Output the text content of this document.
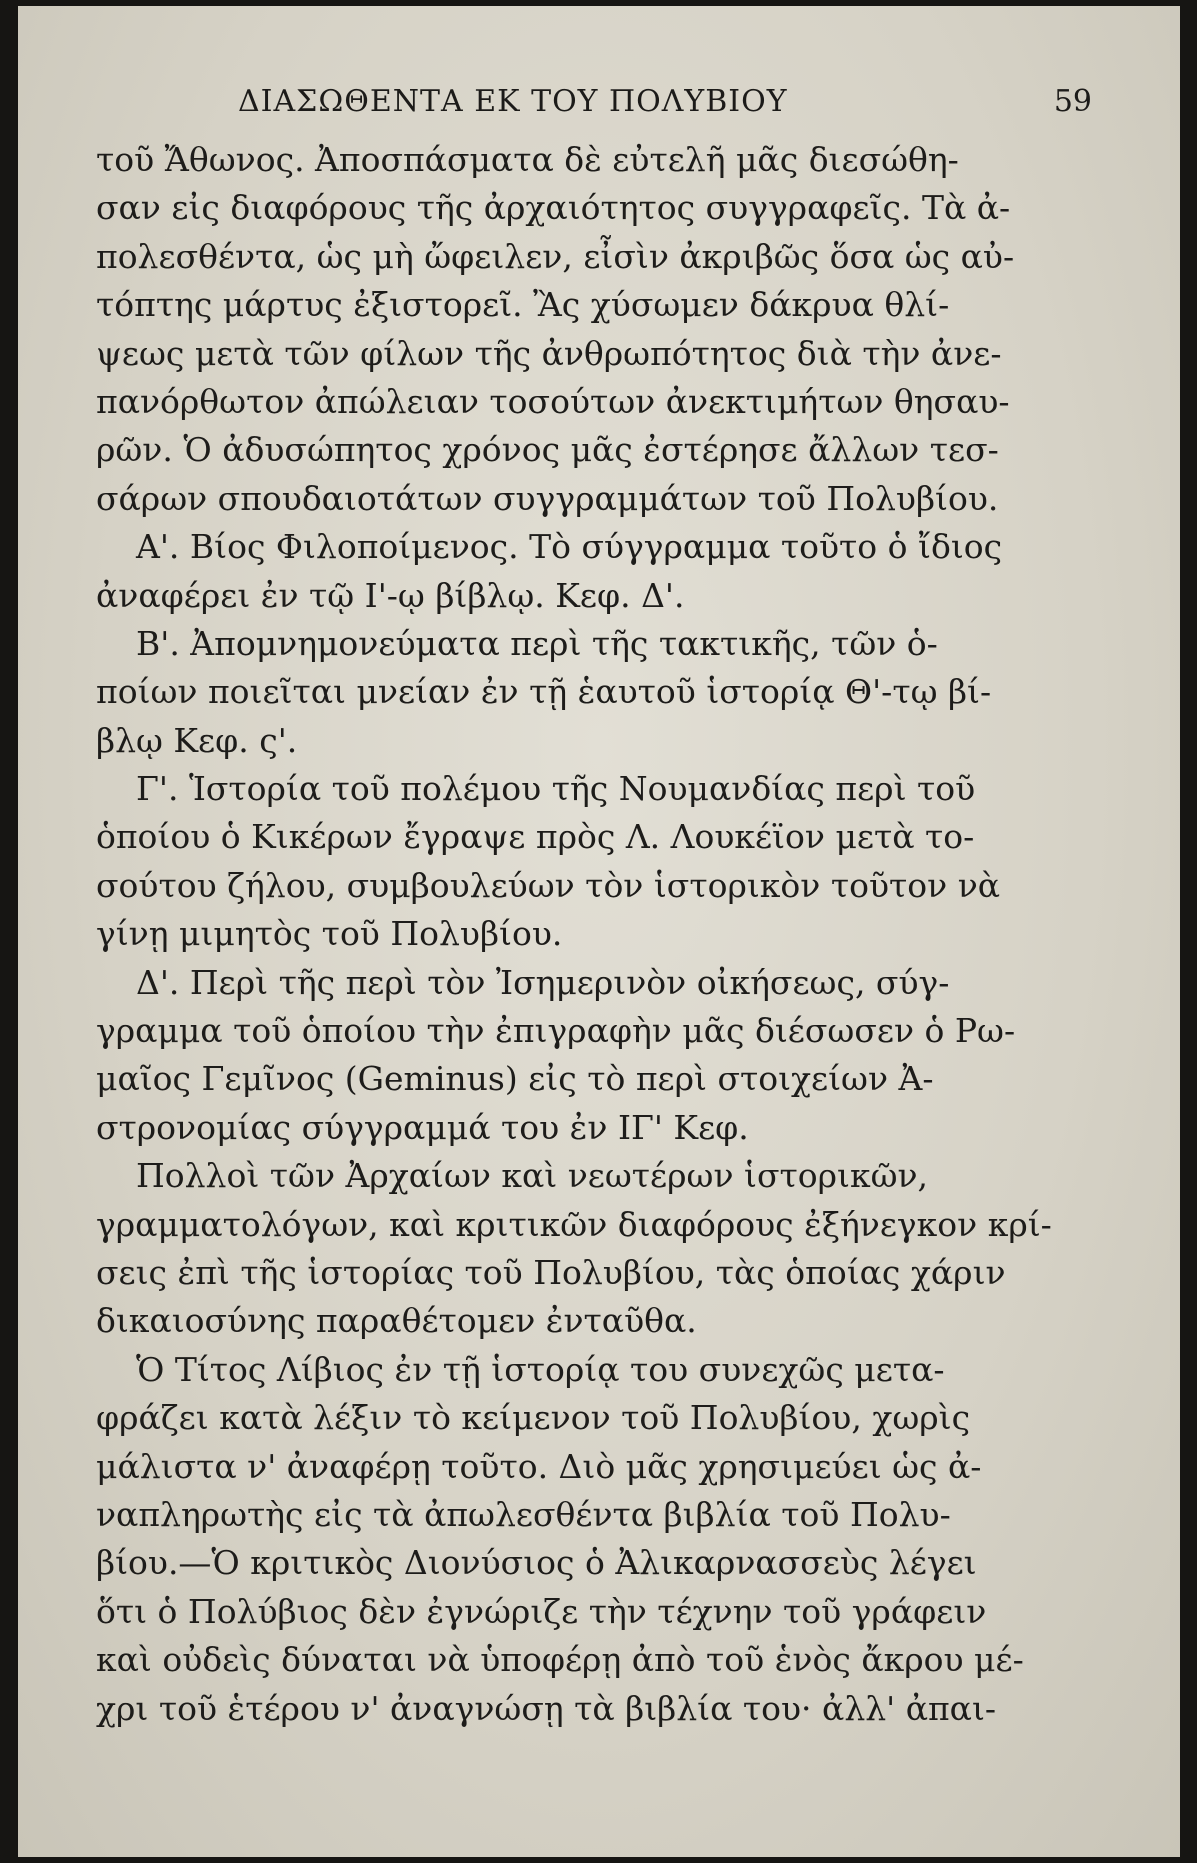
ΔΙΑΣΩΘΕΝΤΑ ΕΚ ΤΟΥ ΠΟΛΥΒΙΟΥ	59
τοῦ Ἄθωνος. Ἀποσπάσματα δὲ εὐτελῆ μᾶς διεσώθη-
σαν εἰς διαφόρους τῆς ἀρχαιότητος συγγραφεῖς. Τὰ ἀ-
πολεσθέντα, ὡς μὴ ὤφειλεν, εἶσὶν ἀκριβῶς ὅσα ὡς αὐ-
τόπτης μάρτυς ἐξιστορεῖ. Ἂς χύσωμεν δάκρυα θλί-
ψεως μετὰ τῶν φίλων τῆς ἀνθρωπότητος διὰ τὴν ἀνε-
πανόρθωτον ἀπώλειαν τοσούτων ἀνεκτιμήτων θησαυ-
ρῶν. Ὁ ἀδυσώπητος χρόνος μᾶς ἐστέρησε ἄλλων τεσ-
σάρων σπουδαιοτάτων συγγραμμάτων τοῦ Πολυβίου.
Α'. Βίος Φιλοποίμενος. Τὸ σύγγραμμα τοῦτο ὁ ἴδιος
ἀναφέρει ἐν τῷ Ι'-ῳ βίβλῳ. Κεφ. Δ'.
Β'. Ἀπομνημονεύματα περὶ τῆς τακτικῆς, τῶν ὁ-
ποίων ποιεῖται μνείαν ἐν τῇ ἑαυτοῦ ἱστορίᾳ Θ'-τῳ βί-
βλῳ Κεφ. ς'.
Γ'. Ἱστορία τοῦ πολέμου τῆς Νουμανδίας περὶ τοῦ
ὁποίου ὁ Κικέρων ἔγραψε πρὸς Λ. Λουκέϊον μετὰ το-
σούτου ζήλου, συμβουλεύων τὸν ἱστορικὸν τοῦτον νὰ
γίνῃ μιμητὸς τοῦ Πολυβίου.
Δ'. Περὶ τῆς περὶ τὸν Ἰσημερινὸν οἰκήσεως, σύγ-
γραμμα τοῦ ὁποίου τὴν ἐπιγραφὴν μᾶς διέσωσεν ὁ Ρω-
μαῖος Γεμῖνος (Geminus) εἰς τὸ περὶ στοιχείων Ἀ-
στρονομίας σύγγραμμά του ἐν ΙΓ' Κεφ.
Πολλοὶ τῶν Ἀρχαίων καὶ νεωτέρων ἱστορικῶν,
γραμματολόγων, καὶ κριτικῶν διαφόρους ἐξήνεγκον κρί-
σεις ἐπὶ τῆς ἱστορίας τοῦ Πολυβίου, τὰς ὁποίας χάριν
δικαιοσύνης παραθέτομεν ἐνταῦθα.
Ὁ Τίτος Λίβιος ἐν τῇ ἱστορίᾳ του συνεχῶς μετα-
φράζει κατὰ λέξιν τὸ κείμενον τοῦ Πολυβίου, χωρὶς
μάλιστα ν' ἀναφέρῃ τοῦτο. Διὸ μᾶς χρησιμεύει ὡς ἀ-
ναπληρωτὴς εἰς τὰ ἀπωλεσθέντα βιβλία τοῦ Πολυ-
βίου.—Ὁ κριτικὸς Διονύσιος ὁ Ἀλικαρνασσεὺς λέγει
ὅτι ὁ Πολύβιος δὲν ἐγνώριζε τὴν τέχνην τοῦ γράφειν
καὶ οὐδεὶς δύναται νὰ ὑποφέρῃ ἀπὸ τοῦ ἑνὸς ἄκρου μέ-
χρι τοῦ ἑτέρου ν' ἀναγνώσῃ τὰ βιβλία του· ἀλλ' ἀπαι-
